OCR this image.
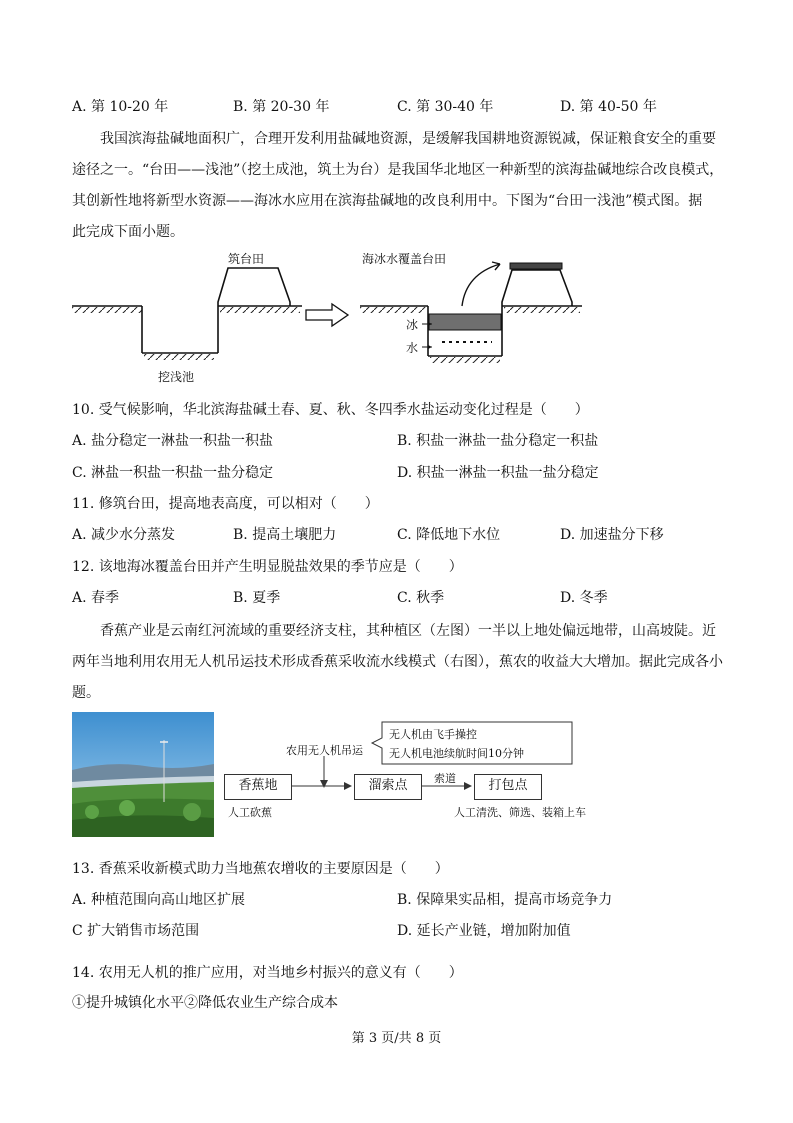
A. 第 10-20 年	B. 第 20-30 年	C. 第 30-40 年	D. 第 40-50 年
我国滨海盐碱地面积广，合理开发利用盐碱地资源，是缓解我国耕地资源锐减，保证粮食安全的重要
途径之一。“台田——浅池”（挖土成池，筑土为台）是我国华北地区一种新型的滨海盐碱地综合改良模式，
其创新性地将新型水资源——海冰水应用在滨海盐碱地的改良利用中。下图为“台田一浅池”模式图。据
此完成下面小题。
筑台田
挖浅池
海冰水覆盖台田
冰
水
10. 受气候影响，华北滨海盐碱土春、夏、秋、冬四季水盐运动变化过程是（　　）
A. 盐分稳定一淋盐一积盐一积盐	B. 积盐一淋盐一盐分稳定一积盐
C. 淋盐一积盐一积盐一盐分稳定	D. 积盐一淋盐一积盐一盐分稳定
11. 修筑台田，提高地表高度，可以相对（　　）
A. 减少水分蒸发	B. 提高土壤肥力	C. 降低地下水位	D. 加速盐分下移
12. 该地海冰覆盖台田并产生明显脱盐效果的季节应是（　　）
A. 春季	B. 夏季	C. 秋季	D. 冬季
香蕉产业是云南红河流域的重要经济支柱，其种植区（左图）一半以上地处偏远地带，山高坡陡。近
两年当地利用农用无人机吊运技术形成香蕉采收流水线模式（右图），蕉农的收益大大增加。据此完成各小
题。
无人机由飞手操控
无人机电池续航时间10分钟
农用无人机吊运
香蕉地	溜索点	打包点
索道
人工砍蕉	人工清洗、筛选、装箱上车
13. 香蕉采收新模式助力当地蕉农增收的主要原因是（　　）
A. 种植范围向高山地区扩展	B. 保障果实品相，提高市场竞争力
C 扩大销售市场范围	D. 延长产业链，增加附加值
14. 农用无人机的推广应用，对当地乡村振兴的意义有（　　）
①提升城镇化水平②降低农业生产综合成本
第 3 页/共 8 页
